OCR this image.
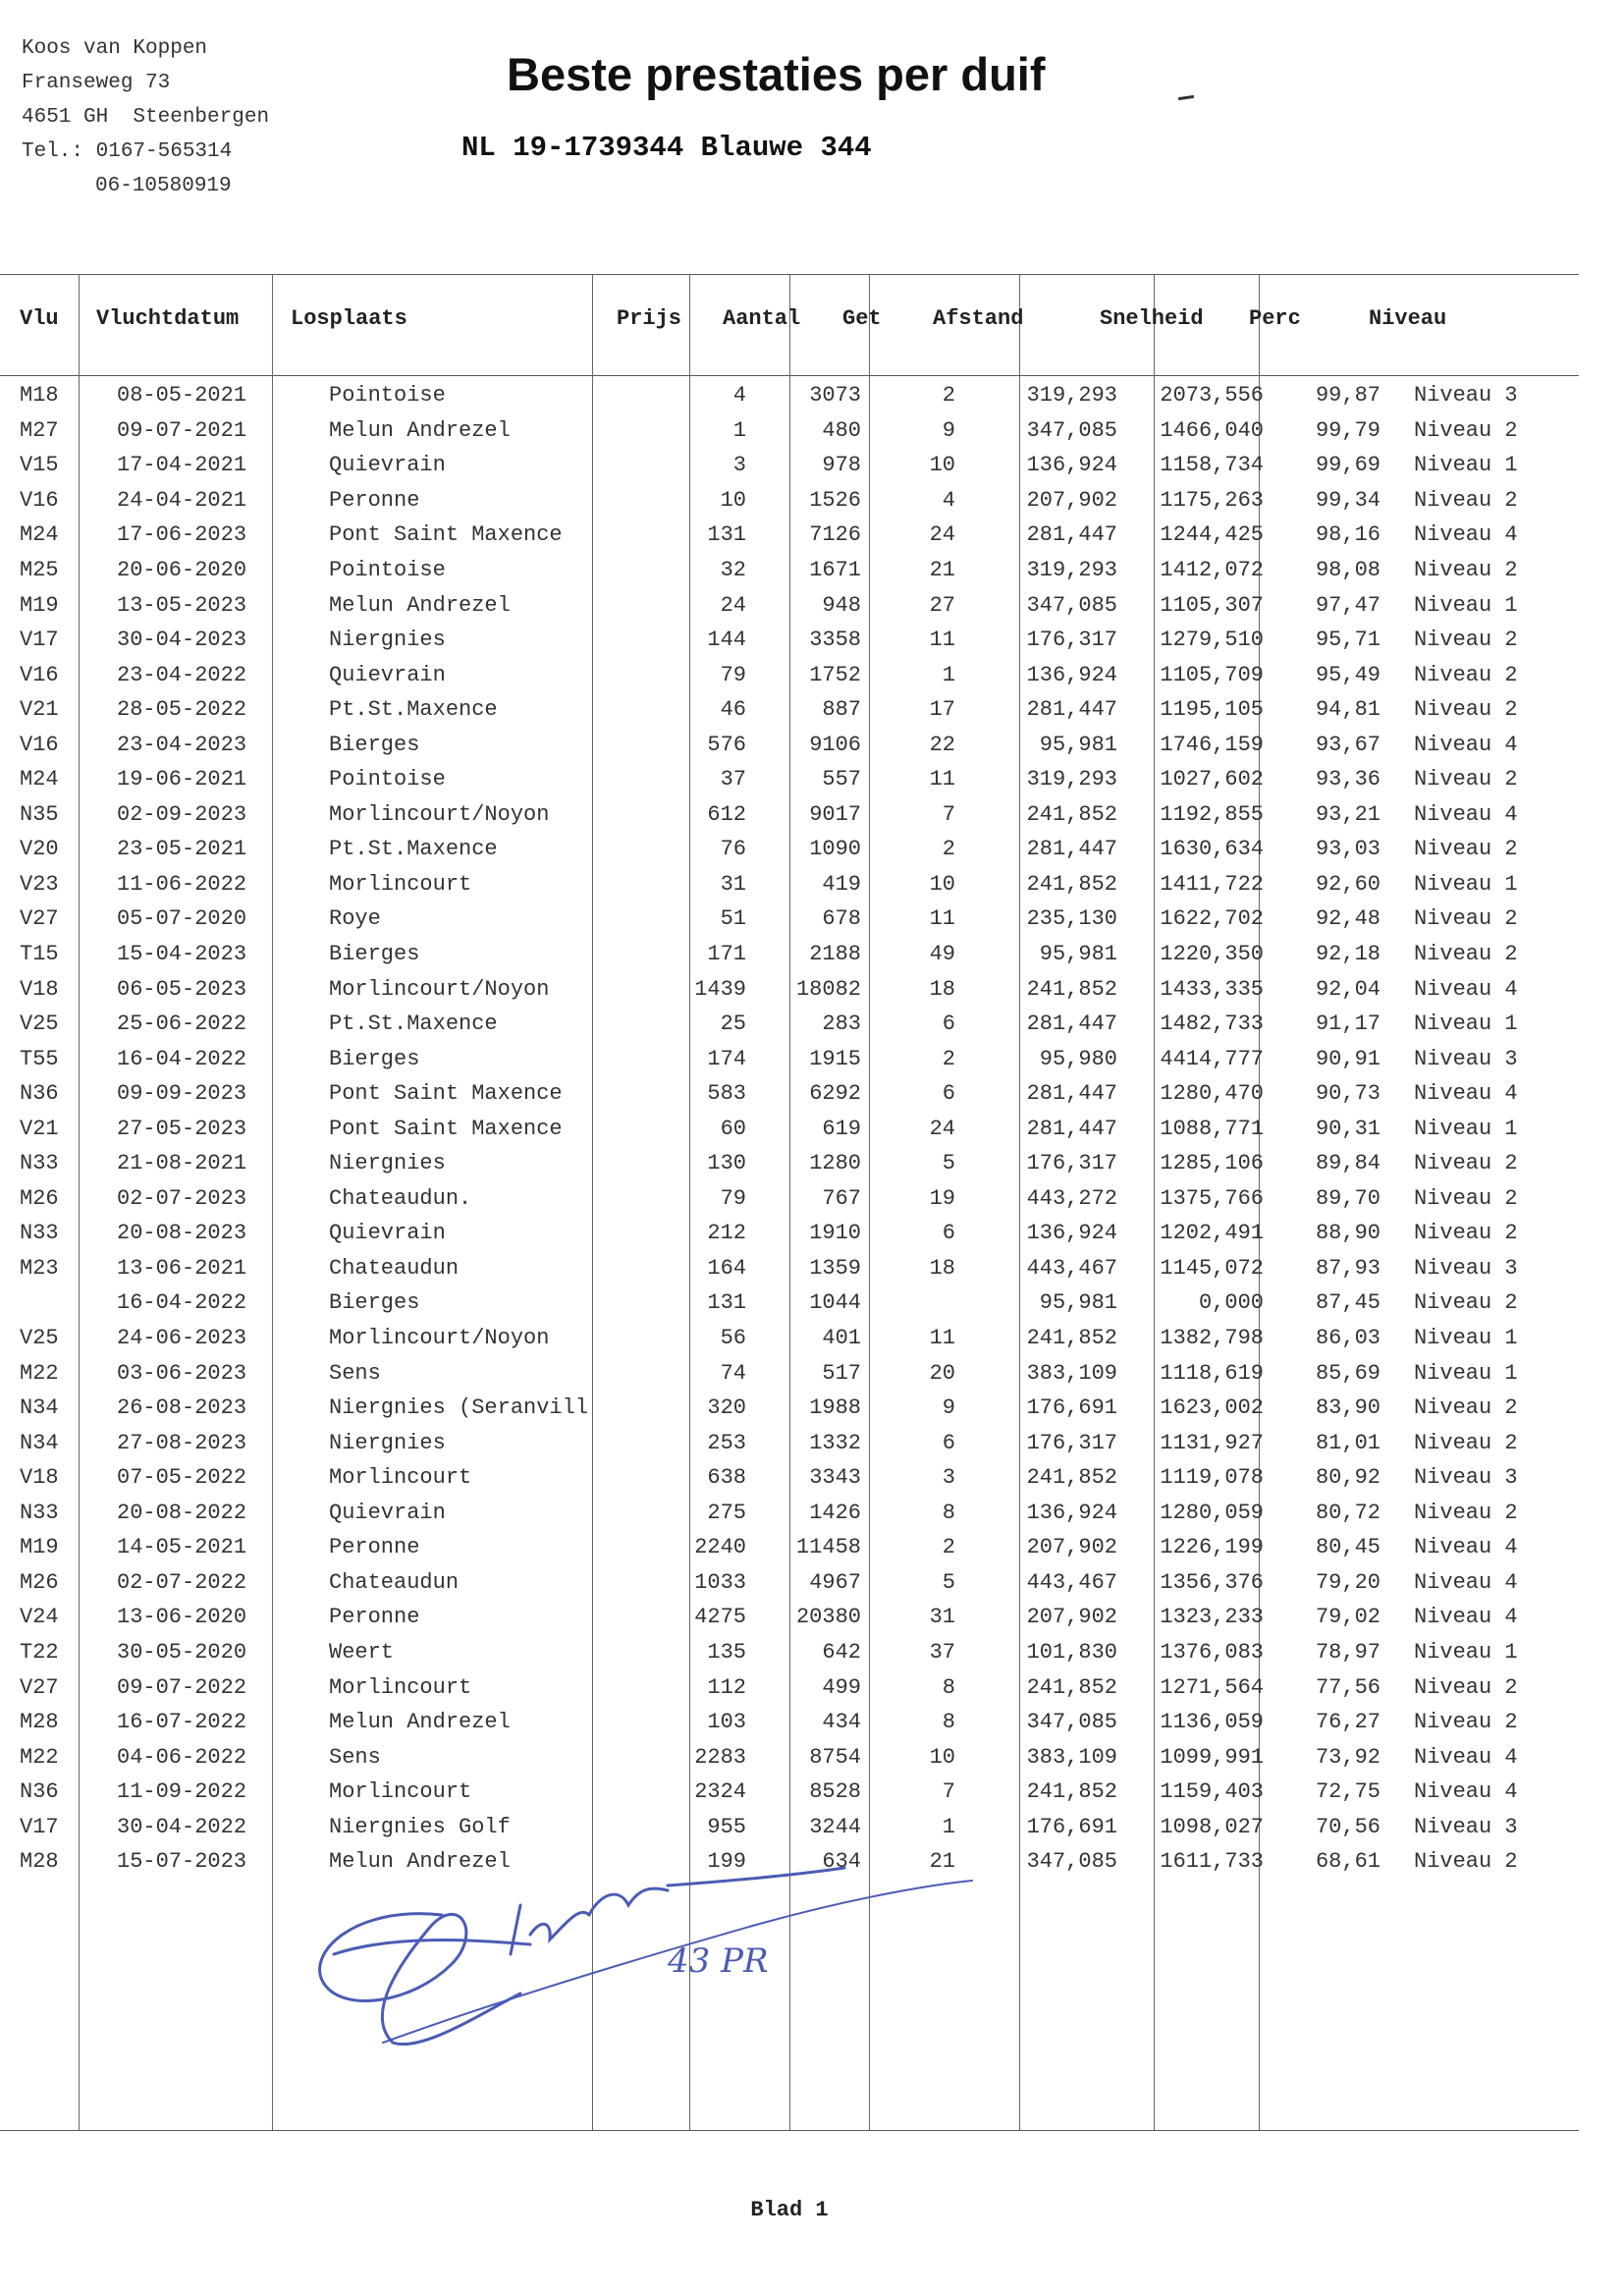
Koos van Koppen
Franseweg 73
4651 GH  Steenbergen
Tel.: 0167-565314
06-10580919
Beste prestaties per duif
NL 19-1739344 Blauwe 344
Vlu Vluchtdatum Losplaats	Prijs Aantal Get Afstand	Snelheid Perc	Niveau
M18	08-05-2021	Pointoise	4	3073	2	319,293	2073,556	99,87	Niveau 3
M27	09-07-2021	Melun Andrezel	1	480	9	347,085	1466,040	99,79	Niveau 2
V15	17-04-2021	Quievrain	3	978	10	136,924	1158,734	99,69	Niveau 1
V16	24-04-2021	Peronne	10	1526	4	207,902	1175,263	99,34	Niveau 2
M24	17-06-2023	Pont Saint Maxence	131	7126	24	281,447	1244,425	98,16	Niveau 4
M25	20-06-2020	Pointoise	32	1671	21	319,293	1412,072	98,08	Niveau 2
M19	13-05-2023	Melun Andrezel	24	948	27	347,085	1105,307	97,47	Niveau 1
V17	30-04-2023	Niergnies	144	3358	11	176,317	1279,510	95,71	Niveau 2
V16	23-04-2022	Quievrain	79	1752	1	136,924	1105,709	95,49	Niveau 2
V21	28-05-2022	Pt.St.Maxence	46	887	17	281,447	1195,105	94,81	Niveau 2
V16	23-04-2023	Bierges	576	9106	22	95,981	1746,159	93,67	Niveau 4
M24	19-06-2021	Pointoise	37	557	11	319,293	1027,602	93,36	Niveau 2
N35	02-09-2023	Morlincourt/Noyon	612	9017	7	241,852	1192,855	93,21	Niveau 4
V20	23-05-2021	Pt.St.Maxence	76	1090	2	281,447	1630,634	93,03	Niveau 2
V23	11-06-2022	Morlincourt	31	419	10	241,852	1411,722	92,60	Niveau 1
V27	05-07-2020	Roye	51	678	11	235,130	1622,702	92,48	Niveau 2
T15	15-04-2023	Bierges	171	2188	49	95,981	1220,350	92,18	Niveau 2
V18	06-05-2023	Morlincourt/Noyon	1439	18082	18	241,852	1433,335	92,04	Niveau 4
V25	25-06-2022	Pt.St.Maxence	25	283	6	281,447	1482,733	91,17	Niveau 1
T55	16-04-2022	Bierges	174	1915	2	95,980	4414,777	90,91	Niveau 3
N36	09-09-2023	Pont Saint Maxence	583	6292	6	281,447	1280,470	90,73	Niveau 4
V21	27-05-2023	Pont Saint Maxence	60	619	24	281,447	1088,771	90,31	Niveau 1
N33	21-08-2021	Niergnies	130	1280	5	176,317	1285,106	89,84	Niveau 2
M26	02-07-2023	Chateaudun.	79	767	19	443,272	1375,766	89,70	Niveau 2
N33	20-08-2023	Quievrain	212	1910	6	136,924	1202,491	88,90	Niveau 2
M23	13-06-2021	Chateaudun	164	1359	18	443,467	1145,072	87,93	Niveau 3
	16-04-2022	Bierges	131	1044		95,981	0,000	87,45	Niveau 2
V25	24-06-2023	Morlincourt/Noyon	56	401	11	241,852	1382,798	86,03	Niveau 1
M22	03-06-2023	Sens	74	517	20	383,109	1118,619	85,69	Niveau 1
N34	26-08-2023	Niergnies (Seranvill	320	1988	9	176,691	1623,002	83,90	Niveau 2
N34	27-08-2023	Niergnies	253	1332	6	176,317	1131,927	81,01	Niveau 2
V18	07-05-2022	Morlincourt	638	3343	3	241,852	1119,078	80,92	Niveau 3
N33	20-08-2022	Quievrain	275	1426	8	136,924	1280,059	80,72	Niveau 2
M19	14-05-2021	Peronne	2240	11458	2	207,902	1226,199	80,45	Niveau 4
M26	02-07-2022	Chateaudun	1033	4967	5	443,467	1356,376	79,20	Niveau 4
V24	13-06-2020	Peronne	4275	20380	31	207,902	1323,233	79,02	Niveau 4
T22	30-05-2020	Weert	135	642	37	101,830	1376,083	78,97	Niveau 1
V27	09-07-2022	Morlincourt	112	499	8	241,852	1271,564	77,56	Niveau 2
M28	16-07-2022	Melun Andrezel	103	434	8	347,085	1136,059	76,27	Niveau 2
M22	04-06-2022	Sens	2283	8754	10	383,109	1099,991	73,92	Niveau 4
N36	11-09-2022	Morlincourt	2324	8528	7	241,852	1159,403	72,75	Niveau 4
V17	30-04-2022	Niergnies Golf	955	3244	1	176,691	1098,027	70,56	Niveau 3
M28	15-07-2023	Melun Andrezel	199	634	21	347,085	1611,733	68,61	Niveau 2
43 PR
Blad 1
